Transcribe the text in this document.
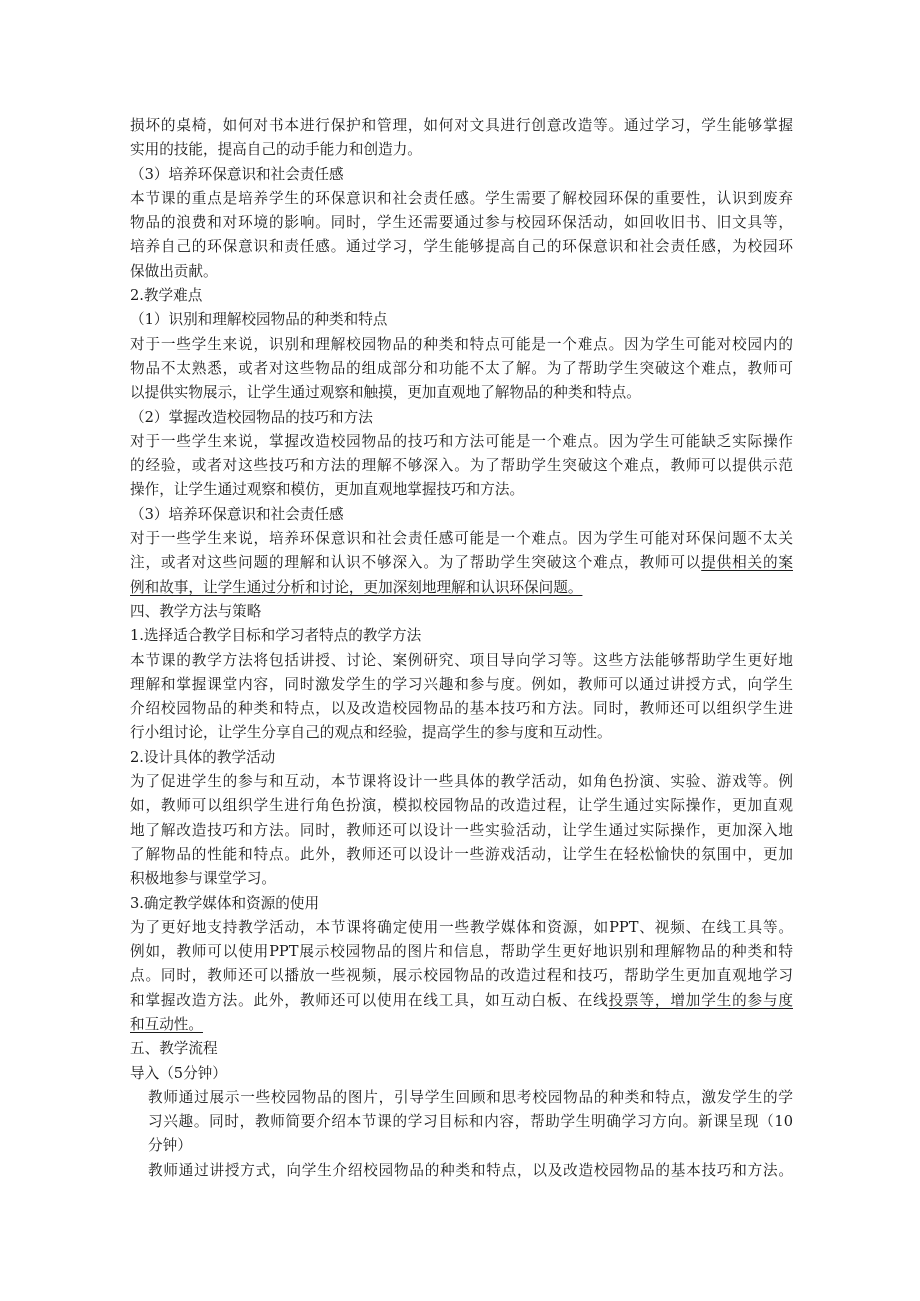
损坏的桌椅，如何对书本进行保护和管理，如何对文具进行创意改造等。通过学习，学生能够掌握
实用的技能，提高自己的动手能力和创造力。
（3）培养环保意识和社会责任感
本节课的重点是培养学生的环保意识和社会责任感。学生需要了解校园环保的重要性，认识到废弃
物品的浪费和对环境的影响。同时，学生还需要通过参与校园环保活动，如回收旧书、旧文具等，
培养自己的环保意识和责任感。通过学习，学生能够提高自己的环保意识和社会责任感，为校园环
保做出贡献。
2.教学难点
（1）识别和理解校园物品的种类和特点
对于一些学生来说，识别和理解校园物品的种类和特点可能是一个难点。因为学生可能对校园内的
物品不太熟悉，或者对这些物品的组成部分和功能不太了解。为了帮助学生突破这个难点，教师可
以提供实物展示，让学生通过观察和触摸，更加直观地了解物品的种类和特点。
（2）掌握改造校园物品的技巧和方法
对于一些学生来说，掌握改造校园物品的技巧和方法可能是一个难点。因为学生可能缺乏实际操作
的经验，或者对这些技巧和方法的理解不够深入。为了帮助学生突破这个难点，教师可以提供示范
操作，让学生通过观察和模仿，更加直观地掌握技巧和方法。
（3）培养环保意识和社会责任感
对于一些学生来说，培养环保意识和社会责任感可能是一个难点。因为学生可能对环保问题不太关
注，或者对这些问题的理解和认识不够深入。为了帮助学生突破这个难点，教师可以提供相关的案
例和故事，让学生通过分析和讨论，更加深刻地理解和认识环保问题。
四、教学方法与策略
1.选择适合教学目标和学习者特点的教学方法
本节课的教学方法将包括讲授、讨论、案例研究、项目导向学习等。这些方法能够帮助学生更好地
理解和掌握课堂内容，同时激发学生的学习兴趣和参与度。例如，教师可以通过讲授方式，向学生
介绍校园物品的种类和特点，以及改造校园物品的基本技巧和方法。同时，教师还可以组织学生进
行小组讨论，让学生分享自己的观点和经验，提高学生的参与度和互动性。
2.设计具体的教学活动
为了促进学生的参与和互动，本节课将设计一些具体的教学活动，如角色扮演、实验、游戏等。例
如，教师可以组织学生进行角色扮演，模拟校园物品的改造过程，让学生通过实际操作，更加直观
地了解改造技巧和方法。同时，教师还可以设计一些实验活动，让学生通过实际操作，更加深入地
了解物品的性能和特点。此外，教师还可以设计一些游戏活动，让学生在轻松愉快的氛围中，更加
积极地参与课堂学习。
3.确定教学媒体和资源的使用
为了更好地支持教学活动，本节课将确定使用一些教学媒体和资源，如PPT、视频、在线工具等。
例如，教师可以使用PPT展示校园物品的图片和信息，帮助学生更好地识别和理解物品的种类和特
点。同时，教师还可以播放一些视频，展示校园物品的改造过程和技巧，帮助学生更加直观地学习
和掌握改造方法。此外，教师还可以使用在线工具，如互动白板、在线投票等，增加学生的参与度
和互动性。
五、教学流程
导入（5分钟）
教师通过展示一些校园物品的图片，引导学生回顾和思考校园物品的种类和特点，激发学生的学
习兴趣。同时，教师简要介绍本节课的学习目标和内容，帮助学生明确学习方向。新课呈现（10
分钟）
教师通过讲授方式，向学生介绍校园物品的种类和特点，以及改造校园物品的基本技巧和方法。
